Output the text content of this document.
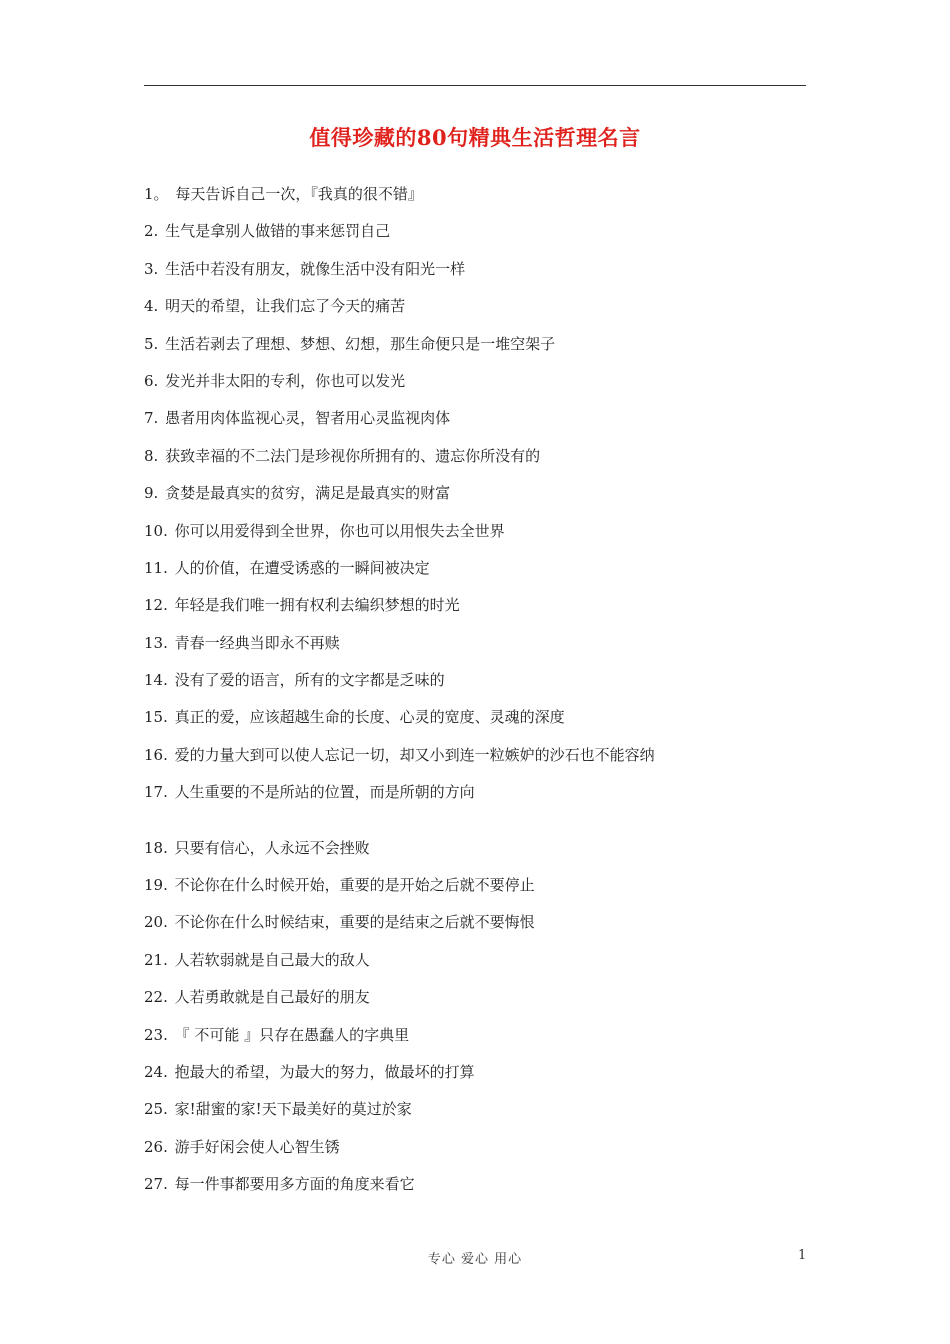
值得珍藏的80句精典生活哲理名言
1。 每天告诉自己一次，『我真的很不错』
2. 生气是拿别人做错的事来惩罚自己
3. 生活中若没有朋友，就像生活中没有阳光一样
4. 明天的希望，让我们忘了今天的痛苦
5. 生活若剥去了理想、梦想、幻想，那生命便只是一堆空架子
6. 发光并非太阳的专利，你也可以发光
7. 愚者用肉体监视心灵，智者用心灵监视肉体
8. 获致幸福的不二法门是珍视你所拥有的、遗忘你所没有的
9. 贪婪是最真实的贫穷，满足是最真实的财富
10. 你可以用爱得到全世界，你也可以用恨失去全世界
11. 人的价值，在遭受诱惑的一瞬间被决定
12. 年轻是我们唯一拥有权利去编织梦想的时光
13. 青春一经典当即永不再赎
14. 没有了爱的语言，所有的文字都是乏味的
15. 真正的爱，应该超越生命的长度、心灵的宽度、灵魂的深度
16. 爱的力量大到可以使人忘记一切，却又小到连一粒嫉妒的沙石也不能容纳
17. 人生重要的不是所站的位置，而是所朝的方向
18. 只要有信心，人永远不会挫败
19. 不论你在什么时候开始，重要的是开始之后就不要停止
20. 不论你在什么时候结束，重要的是结束之后就不要悔恨
21. 人若软弱就是自己最大的敌人
22. 人若勇敢就是自己最好的朋友
23. 『 不可能 』只存在愚蠢人的字典里
24. 抱最大的希望，为最大的努力，做最坏的打算
25. 家!甜蜜的家!天下最美好的莫过於家
26. 游手好闲会使人心智生锈
27. 每一件事都要用多方面的角度来看它
专心 爱心 用心	1
